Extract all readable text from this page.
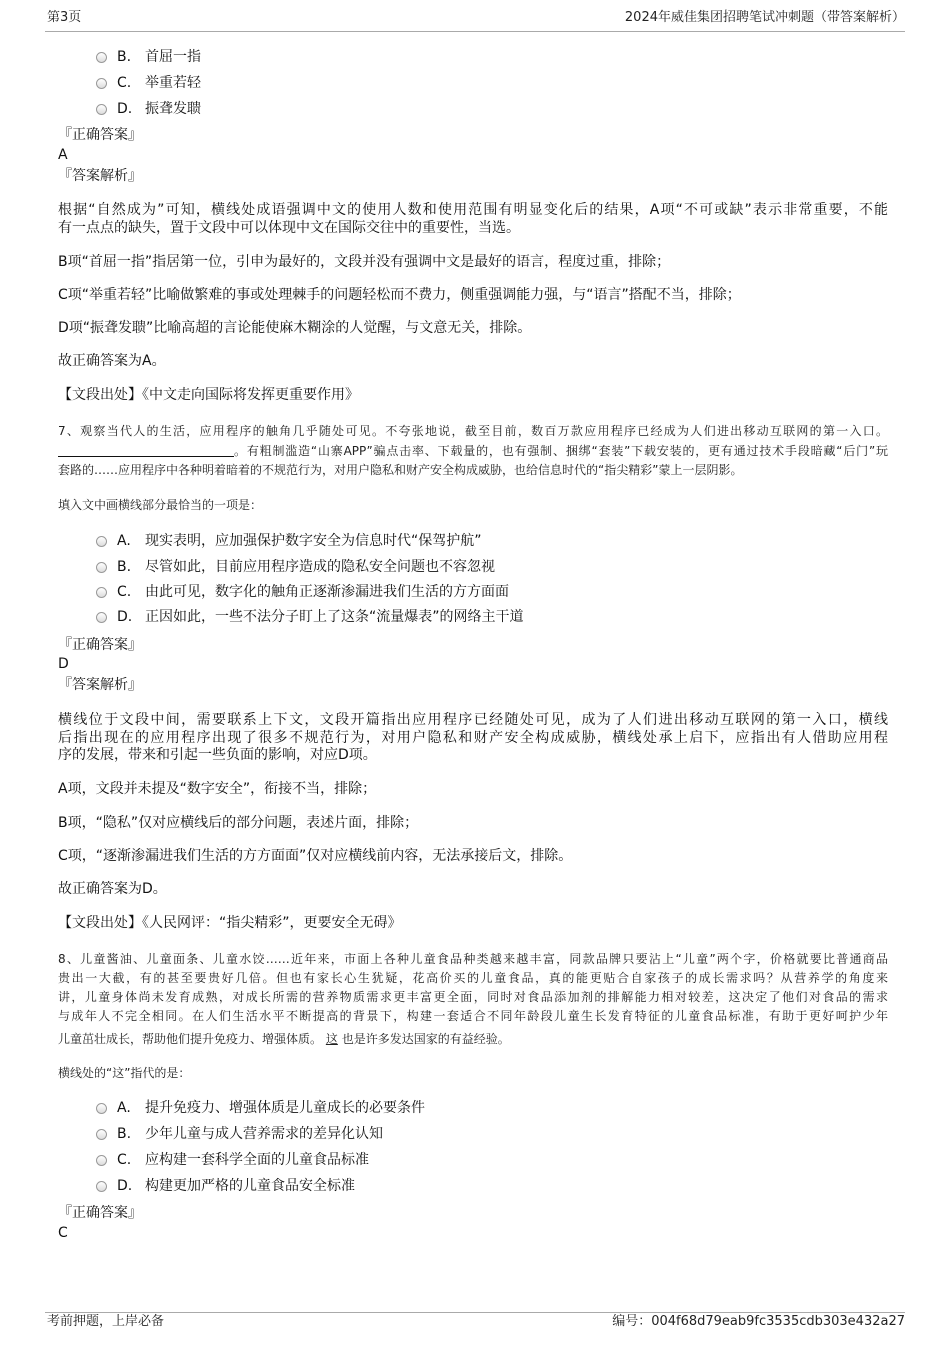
第3页	2024年威佳集团招聘笔试冲刺题（带答案解析）
B. 首屈一指
C. 举重若轻
D. 振聋发聩
『正确答案』
A
『答案解析』
根据“自然成为”可知，横线处成语强调中文的使用人数和使用范围有明显变化后的结果，A项“不可或缺”表示非常重要，不能
有一点点的缺失，置于文段中可以体现中文在国际交往中的重要性，当选。
B项“首屈一指”指居第一位，引申为最好的，文段并没有强调中文是最好的语言，程度过重，排除；
C项“举重若轻”比喻做繁难的事或处理棘手的问题轻松而不费力，侧重强调能力强，与“语言”搭配不当，排除；
D项“振聋发聩”比喻高超的言论能使麻木糊涂的人觉醒，与文意无关，排除。
故正确答案为A。
【文段出处】《中文走向国际将发挥更重要作用》
7、观察当代人的生活，应用程序的触角几乎随处可见。不夸张地说，截至目前，数百万款应用程序已经成为人们进出移动互联网的第一入口。
。有粗制滥造“山寨APP”骗点击率、下载量的，也有强制、捆绑“套装”下载安装的，更有通过技术手段暗藏“后门”玩
套路的……应用程序中各种明着暗着的不规范行为，对用户隐私和财产安全构成威胁，也给信息时代的“指尖精彩”蒙上一层阴影。
填入文中画横线部分最恰当的一项是：
A.	现实表明，应加强保护数字安全为信息时代“保驾护航”
B. 尽管如此，目前应用程序造成的隐私安全问题也不容忽视
C. 由此可见，数字化的触角正逐渐渗漏进我们生活的方方面面
D. 正因如此，一些不法分子盯上了这条“流量爆表”的网络主干道
『正确答案』
D
『答案解析』
横线位于文段中间，需要联系上下文，文段开篇指出应用程序已经随处可见，成为了人们进出移动互联网的第一入口，横线
后指出现在的应用程序出现了很多不规范行为，对用户隐私和财产安全构成威胁，横线处承上启下，应指出有人借助应用程
序的发展，带来和引起一些负面的影响，对应D项。
A项，文段并未提及“数字安全”，衔接不当，排除；
B项，“隐私”仅对应横线后的部分问题，表述片面，排除；
C项，“逐渐渗漏进我们生活的方方面面”仅对应横线前内容，无法承接后文，排除。
故正确答案为D。
【文段出处】《人民网评：“指尖精彩”，更要安全无碍》
8、儿童酱油、儿童面条、儿童水饺……近年来，市面上各种儿童食品种类越来越丰富，同款品牌只要沾上“儿童”两个字，价格就要比普通商品
贵出一大截，有的甚至要贵好几倍。但也有家长心生犹疑，花高价买的儿童食品，真的能更贴合自家孩子的成长需求吗？从营养学的角度来
讲，儿童身体尚未发育成熟，对成长所需的营养物质需求更丰富更全面，同时对食品添加剂的排解能力相对较差，这决定了他们对食品的需求
与成年人不完全相同。在人们生活水平不断提高的背景下，构建一套适合不同年龄段儿童生长发育特征的儿童食品标准，有助于更好呵护少年
儿童茁壮成长，帮助他们提升免疫力、增强体质。 这 也是许多发达国家的有益经验。
横线处的“这”指代的是：
A.	提升免疫力、增强体质是儿童成长的必要条件
B. 少年儿童与成人营养需求的差异化认知
C. 应构建一套科学全面的儿童食品标准
D. 构建更加严格的儿童食品安全标准
『正确答案』
C
考前押题，上岸必备	编号：004f68d79eab9fc3535cdb303e432a27
